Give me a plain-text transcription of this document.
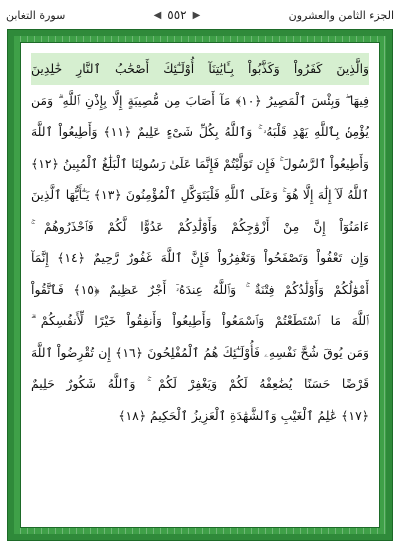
سورة التغابن	◀ ٥٥٢ ▶	الجزء الثامن والعشرون
وَالَّذِينَ كَفَرُواْ وَكَذَّبُواْ بِـَٔايَٰتِنَآ أُوْلَـٰٓئِكَ أَصْحَٰبُ ٱلنَّارِ خَٰلِدِينَ
فِيهَا ۖ وَبِئْسَ ٱلْمَصِيرُ ﴿١٠﴾ مَآ أَصَابَ مِن مُّصِيبَةٍ إِلَّا بِإِذْنِ ٱللَّهِ ۗ وَمَن
يُؤْمِنۢ بِٱللَّهِ يَهْدِ قَلْبَهُۥ ۚ وَٱللَّهُ بِكُلِّ شَىْءٍ عَلِيمٌ ﴿١١﴾ وَأَطِيعُواْ ٱللَّهَ
وَأَطِيعُواْ ٱلرَّسُولَ ۚ فَإِن تَوَلَّيْتُمْ فَإِنَّمَا عَلَىٰ رَسُولِنَا ٱلْبَلَٰغُ ٱلْمُبِينُ ﴿١٢﴾
ٱللَّهُ لَآ إِلَٰهَ إِلَّا هُوَ ۚ وَعَلَى ٱللَّهِ فَلْيَتَوَكَّلِ ٱلْمُؤْمِنُونَ ﴿١٣﴾ يَـٰٓأَيُّهَا ٱلَّذِينَ
ءَامَنُوٓاْ إِنَّ مِنْ أَزْوَٰجِكُمْ وَأَوْلَٰدِكُمْ عَدُوًّا لَّكُمْ فَٱحْذَرُوهُمْ ۚ
وَإِن تَعْفُواْ وَتَصْفَحُواْ وَتَغْفِرُواْ فَإِنَّ ٱللَّهَ غَفُورٌ رَّحِيمٌ ﴿١٤﴾ إِنَّمَآ
أَمْوَٰلُكُمْ وَأَوْلَٰدُكُمْ فِتْنَةٌ ۚ وَٱللَّهُ عِندَهُۥٓ أَجْرٌ عَظِيمٌ ﴿١٥﴾ فَٱتَّقُواْ
ٱللَّهَ مَا ٱسْتَطَعْتُمْ وَٱسْمَعُواْ وَأَطِيعُواْ وَأَنفِقُواْ خَيْرًا لِّأَنفُسِكُمْ ۗ
وَمَن يُوقَ شُحَّ نَفْسِهِۦ فَأُوْلَـٰٓئِكَ هُمُ ٱلْمُفْلِحُونَ ﴿١٦﴾ إِن تُقْرِضُواْ ٱللَّهَ
قَرْضًا حَسَنًا يُضَٰعِفْهُ لَكُمْ وَيَغْفِرْ لَكُمْ ۚ وَٱللَّهُ شَكُورٌ حَلِيمٌ
﴿١٧﴾ عَٰلِمُ ٱلْغَيْبِ وَٱلشَّهَٰدَةِ ٱلْعَزِيزُ ٱلْحَكِيمُ ﴿١٨﴾
